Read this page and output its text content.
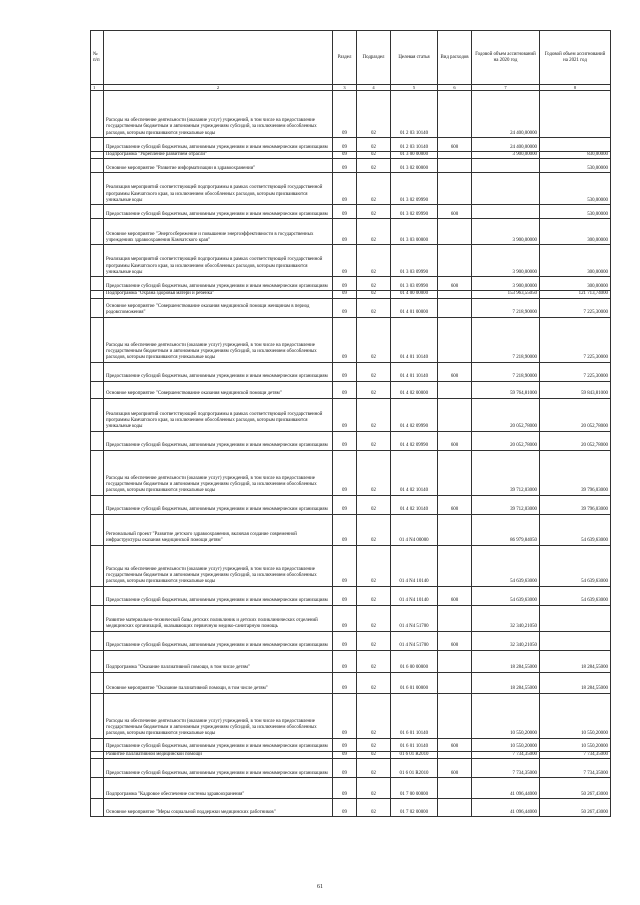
№ п/п		Раздел	Подраздел	Целевая статья	Вид расходов	Годовой объем ассигнований на 2020 год	Годовой объем ассигнований на 2021 год
1	2	3	4	5	6	7	8
	Расходы на обеспечение деятельности (оказание услуг) учреждений, в том числе на предоставление государственным бюджетным и автономным учреждениям субсидий, за исключением обособленных расходов, которым присваиваются уникальные коды	09	02	01 2 03 10140		24 400,00000	
	Предоставление субсидий бюджетным, автономным учреждениям и иным некоммерческим организациям	09	02	01 2 03 10140	600	24 400,00000	
	Подпрограмма "Укрепление развитием отрасли"	09	02	01 3 00 00000		3 900,00000	830,00000
	Основное мероприятие "Развитие информатизации в здравоохранении"	09	02	01 3 02 00000			530,00000
	Реализация мероприятий соответствующей подпрограммы в рамках соответствующей государственной программы Камчатского края, за исключением обособленных расходов, которым присваиваются уникальные коды	09	02	01 3 02 09990			530,00000
	Предоставление субсидий бюджетным, автономным учреждениям и иным некоммерческим организациям	09	02	01 3 02 09990	600		530,00000
	Основное мероприятие "Энергосбережение и повышение энергоэффективности в государственных учреждениях здравоохранения Камчатского края"	09	02	01 3 03 00000		3 900,00000	300,00000
	Реализация мероприятий соответствующей подпрограммы в рамках соответствующей государственной программы Камчатского края, за исключением обособленных расходов, которым присваиваются уникальные коды	09	02	01 3 03 09990		3 900,00000	300,00000
	Предоставление субсидий бюджетным, автономным учреждениям и иным некоммерческим организациям	09	02	01 3 03 09990	600	3 900,00000	300,00000
	Подпрограмма "Охрана здоровья матери и ребенка"	09	02	01 4 00 00000		153 963,55050	121 713,74000
	Основное мероприятие "Совершенствование оказания медицинской помощи женщинам в период родовспоможения"	09	02	01 4 01 00000		7 218,90000	7 225,30000
	Расходы на обеспечение деятельности (оказание услуг) учреждений, в том числе на предоставление государственным бюджетным и автономным учреждениям субсидий, за исключением обособленных расходов, которым присваиваются уникальные коды	09	02	01 4 01 10140		7 218,90000	7 225,30000
	Предоставление субсидий бюджетным, автономным учреждениям и иным некоммерческим организациям	09	02	01 4 01 10140	600	7 218,90000	7 225,30000
	Основное мероприятие "Совершенствование оказания медицинской помощи детям"	09	02	01 4 02 00000		59 764,81000	59 843,81000
	Реализация мероприятий соответствующей подпрограммы в рамках соответствующей государственной программы Камчатского края, за исключением обособленных расходов, которым присваиваются уникальные коды	09	02	01 4 02 09990		20 052,78000	20 052,78000
	Предоставление субсидий бюджетным, автономным учреждениям и иным некоммерческим организациям	09	02	01 4 02 09990	600	20 052,78000	20 052,78000
	Расходы на обеспечение деятельности (оказание услуг) учреждений, в том числе на предоставление государственным бюджетным и автономным учреждениям субсидий, за исключением обособленных расходов, которым присваиваются уникальные коды	09	02	01 4 02 10140		39 712,03000	39 796,03000
	Предоставление субсидий бюджетным, автономным учреждениям и иным некоммерческим организациям	09	02	01 4 02 10140	600	39 712,03000	39 796,03000
	Региональный проект "Развитие детского здравоохранения, включая создание современной инфраструктуры оказания медицинской помощи детям"	09	02	01 4 N4 00000		86 979,84050	54 639,63000
	Расходы на обеспечение деятельности (оказание услуг) учреждений, в том числе на предоставление государственным бюджетным и автономным учреждениям субсидий, за исключением обособленных расходов, которым присваиваются уникальные коды	09	02	01 4 N4 10140		54 639,63000	54 639,63000
	Предоставление субсидий бюджетным, автономным учреждениям и иным некоммерческим организациям	09	02	01 4 N4 10140	600	54 639,63000	54 639,63000
	Развитие материально-технической базы детских поликлиник и детских поликлинических отделений медицинских организаций, оказывающих первичную медико-санитарную помощь	09	02	01 4 N4 51700		32 340,21050	
	Предоставление субсидий бюджетным, автономным учреждениям и иным некоммерческим организациям	09	02	01 4 N4 51700	600	32 340,21050	
	Подпрограмма "Оказание паллиативной помощи, в том числе детям"	09	02	01 6 00 00000		18 284,55000	18 284,55000
	Основное мероприятие "Оказание паллиативной помощи, в том числе детям"	09	02	01 6 01 00000		18 284,55000	18 284,55000
	Расходы на обеспечение деятельности (оказание услуг) учреждений, в том числе на предоставление государственным бюджетным и автономным учреждениям субсидий, за исключением обособленных расходов, которым присваиваются уникальные коды	09	02	01 6 01 10140		10 550,20000	10 550,20000
	Предоставление субсидий бюджетным, автономным учреждениям и иным некоммерческим организациям	09	02	01 6 01 10140	600	10 550,20000	10 550,20000
	Развитие паллиативной медицинской помощи	09	02	01 6 01 R2010		7 734,35000	7 734,35000
	Предоставление субсидий бюджетным, автономным учреждениям и иным некоммерческим организациям	09	02	01 6 01 R2010	600	7 734,35000	7 734,35000
	Подпрограмма "Кадровое обеспечение системы здравоохранения"	09	02	01 7 00 00000		41 096,44000	50 267,43000
	Основное мероприятие "Меры социальной поддержки медицинских работников"	09	02	01 7 02 00000		41 096,44000	50 267,43000
61
